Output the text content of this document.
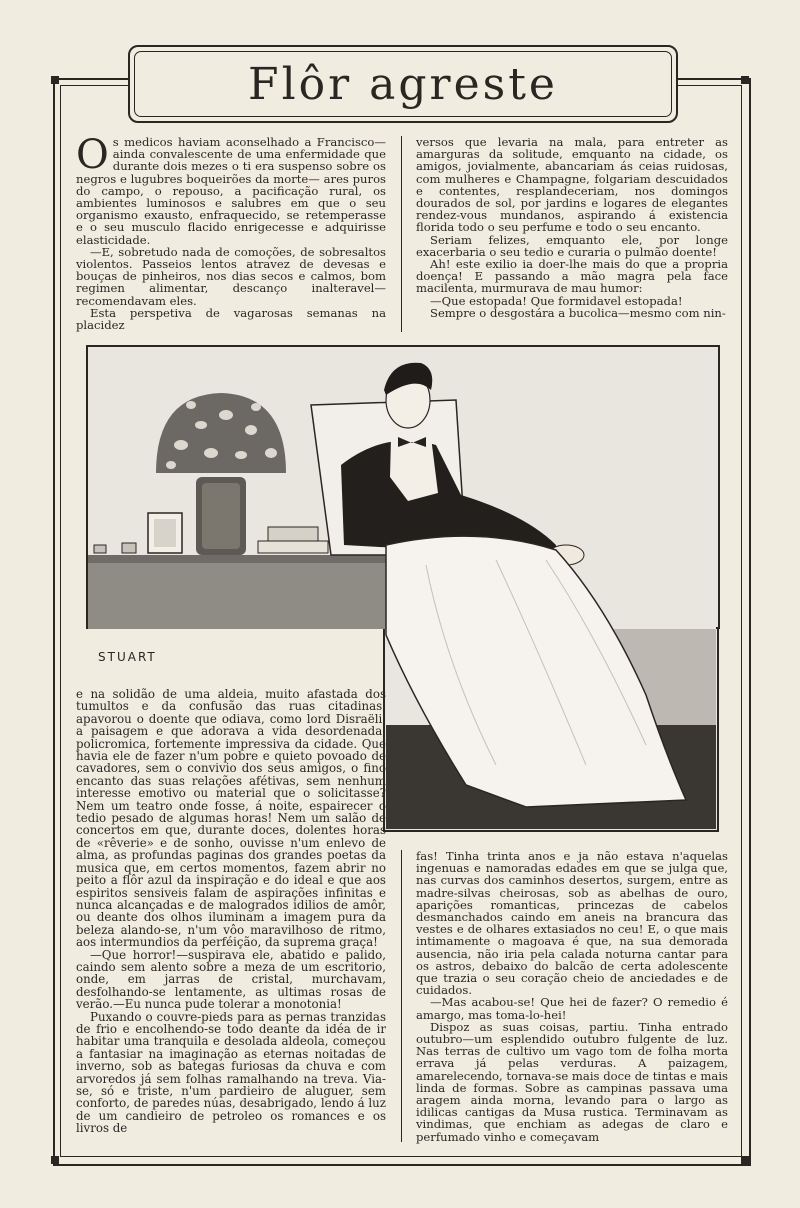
Flôr agreste

Os medicos haviam aconselhado a Francisco—ainda convalescente de uma enfermidade que durante dois mezes o ti era suspenso sobre os negros e lugubres boqueirões da morte— ares puros do campo, o repouso, a pacificação rural, os ambientes luminosos e salubres em que o seu organismo exausto, enfraquecido, se retemperasse e o seu musculo flacido enrigecesse e adquirisse elasticidade.

—E, sobretudo nada de comoções, de sobresaltos violentos. Passeios lentos atravez de devesas e bouças de pinheiros, nos dias secos e calmos, bom regimen alimentar, descanço inalteravel—recomendavam eles.

Esta perspetiva de vagarosas semanas na placidez

versos que levaria na mala, para entreter as amarguras da solitude, emquanto na cidade, os amigos, jovialmente, abancariam ás ceias ruidosas, com mulheres e Champagne, folgariam descuidados e contentes, resplandeceriam, nos domingos dourados de sol, por jardins e logares de elegantes rendez-vous mundanos, aspirando á existencia florida todo o seu perfume e todo o seu encanto.

Seriam felizes, emquanto ele, por longe exacerbaria o seu tedio e curaria o pulmão doente!

Ah! este exilio ia doer-lhe mais do que a propria doença! E passando a mão magra pela face macilenta, murmurava de mau humor:

—Que estopada! Que formidavel estopada!

Sempre o desgostára a bucolica—mesmo com nin-

STUART

e na solidão de uma aldeia, muito afastada dos tumultos e da confusão das ruas citadinas, apavorou o doente que odiava, como lord Disraëli, a paisagem e que adorava a vida desordenada, policromica, fortemente impressiva da cidade. Que havia ele de fazer n'um pobre e quieto povoado de cavadores, sem o convivio dos seus amigos, o fino encanto das suas relações afétivas, sem nenhum interesse emotivo ou material que o solicitasse? Nem um teatro onde fosse, á noite, espairecer o tedio pesado de algumas horas! Nem um salão de concertos em que, durante doces, dolentes horas de «rêverie» e de sonho, ouvisse n'um enlevo de alma, as profundas paginas dos grandes poetas da musica que, em certos momentos, fazem abrir no peito a flôr azul da inspiração e do ideal e que aos espiritos sensiveis falam de aspirações infinitas e nunca alcançadas e de malogrados idilios de amôr, ou deante dos olhos iluminam a imagem pura da beleza alando-se, n'um vôo maravilhoso de ritmo, aos intermundios da perféição, da suprema graça!

—Que horror!—suspirava ele, abatido e palido, caindo sem alento sobre a meza de um escritorio, onde, em jarras de cristal, murchavam, desfolhando-se lentamente, as ultimas rosas de verão.—Eu nunca pude tolerar a monotonia!

Puxando o couvre-pieds para as pernas tranzidas de frio e encolhendo-se todo deante da idéa de ir habitar uma tranquila e desolada aldeola, começou a fantasiar na imaginação as eternas noitadas de inverno, sob as bategas furiosas da chuva e com arvoredos já sem folhas ramalhando na treva. Via-se, só e triste, n'um pardieiro de aluguer, sem conforto, de paredes núas, desabrigado, lendo á luz de um candieiro de petroleo os romances e os livros de

fas! Tinha trinta anos e ja não estava n'aquelas ingenuas e namoradas edades em que se julga que, nas curvas dos caminhos desertos, surgem, entre as madre-silvas cheirosas, sob as abelhas de ouro, aparições romanticas, princezas de cabelos desmanchados caindo em aneis na brancura das vestes e de olhares extasiados no ceu! E, o que mais intimamente o magoava é que, na sua demorada ausencia, não iria pela calada noturna cantar para os astros, debaixo do balcão de certa adolescente que trazia o seu coração cheio de anciedades e de cuidados.

—Mas acabou-se! Que hei de fazer? O remedio é amargo, mas toma-lo-hei!

Dispoz as suas coisas, partiu. Tinha entrado outubro—um esplendido outubro fulgente de luz. Nas terras de cultivo um vago tom de folha morta errava já pelas verduras. A paizagem, amarelecendo, tornava-se mais doce de tintas e mais linda de formas. Sobre as campinas passava uma aragem ainda morna, levando para o largo as idilicas cantigas da Musa rustica. Terminavam as vindimas, que enchiam as adegas de claro e perfumado vinho e começavam
